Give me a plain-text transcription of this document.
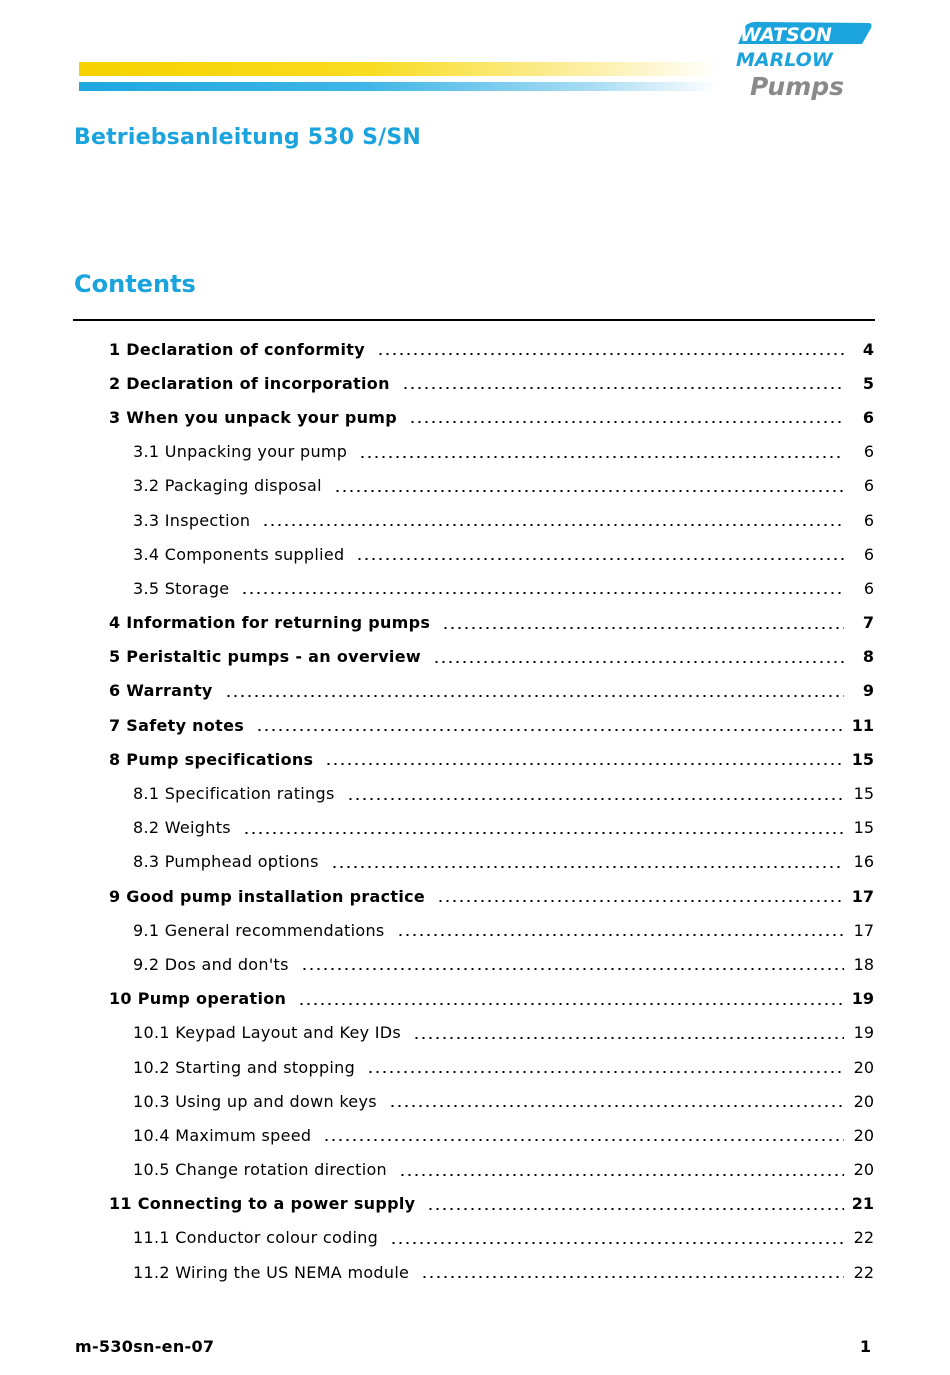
WATSON
MARLOW
Pumps
Betriebsanleitung 530 S/SN
Contents
1 Declaration of conformity	4
2 Declaration of incorporation	5
3 When you unpack your pump	6
3.1 Unpacking your pump	6
3.2 Packaging disposal	6
3.3 Inspection	6
3.4 Components supplied	6
3.5 Storage	6
4 Information for returning pumps	7
5 Peristaltic pumps - an overview	8
6 Warranty	9
7 Safety notes	11
8 Pump specifications	15
8.1 Specification ratings	15
8.2 Weights	15
8.3 Pumphead options	16
9 Good pump installation practice	17
9.1 General recommendations	17
9.2 Dos and don'ts	18
10 Pump operation	19
10.1 Keypad Layout and Key IDs	19
10.2 Starting and stopping	20
10.3 Using up and down keys	20
10.4 Maximum speed	20
10.5 Change rotation direction	20
11 Connecting to a power supply	21
11.1 Conductor colour coding	22
11.2 Wiring the US NEMA module	22
m-530sn-en-07	1
